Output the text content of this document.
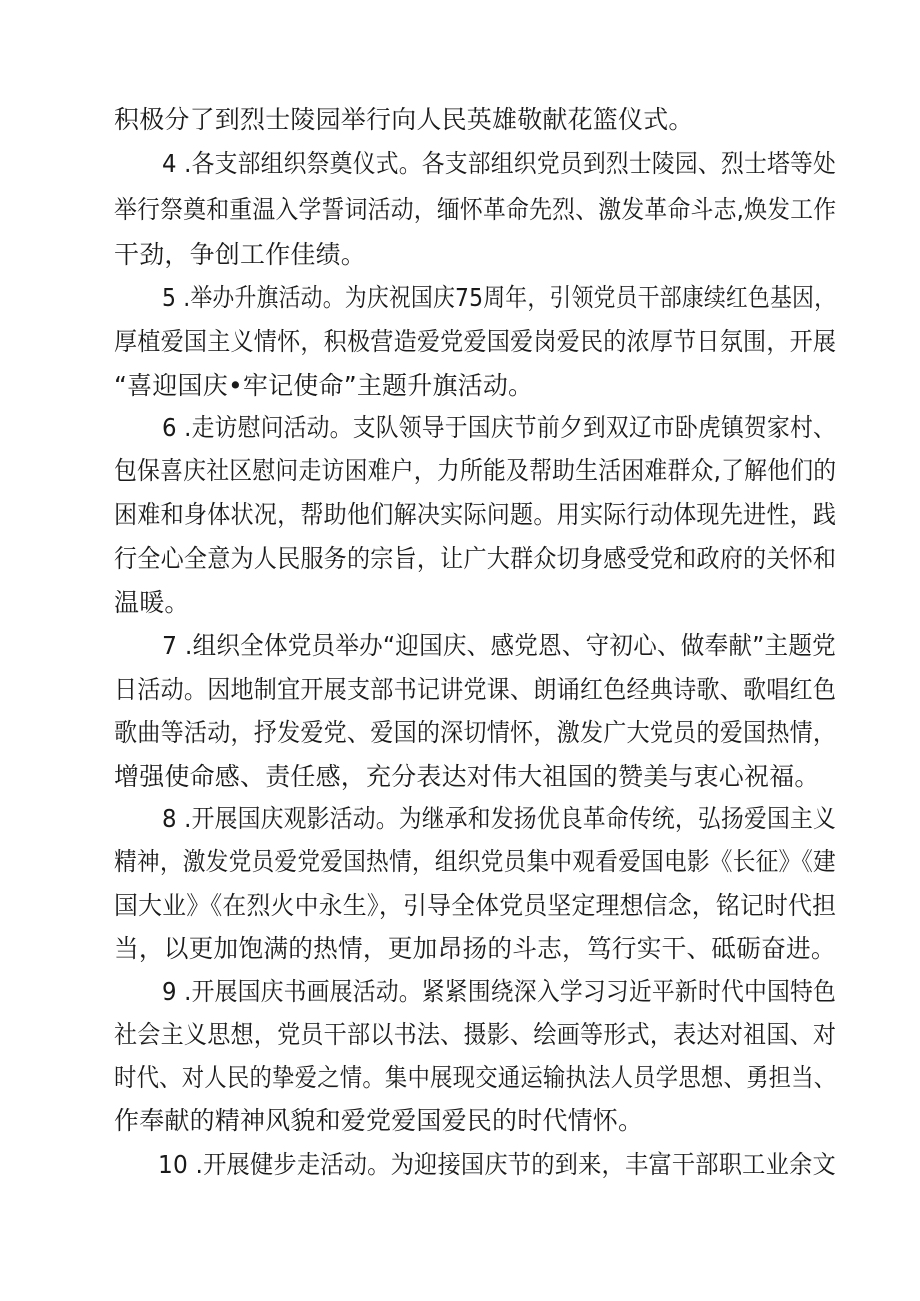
积极分了到烈士陵园举行向人民英雄敬献花篮仪式。
4 .各支部组织祭奠仪式。各支部组织党员到烈士陵园、烈士塔等处
举行祭奠和重温入学誓词活动，缅怀革命先烈、激发革命斗志,焕发工作
干劲，争创工作佳绩。
5 .举办升旗活动。为庆祝国庆75周年，引领党员干部康续红色基因，
厚植爱国主义情怀，积极营造爱党爱国爱岗爱民的浓厚节日氛围，开展
“喜迎国庆•牢记使命”主题升旗活动。
6 .走访慰问活动。支队领导于国庆节前夕到双辽市卧虎镇贺家村、
包保喜庆社区慰问走访困难户，力所能及帮助生活困难群众,了解他们的
困难和身体状况，帮助他们解决实际问题。用实际行动体现先进性，践
行全心全意为人民服务的宗旨，让广大群众切身感受党和政府的关怀和
温暖。
7 .组织全体党员举办“迎国庆、感党恩、守初心、做奉献”主题党
日活动。因地制宜开展支部书记讲党课、朗诵红色经典诗歌、歌唱红色
歌曲等活动，抒发爱党、爱国的深切情怀，激发广大党员的爱国热情，
增强使命感、责任感，充分表达对伟大祖国的赞美与衷心祝福。
8 .开展国庆观影活动。为继承和发扬优良革命传统，弘扬爱国主义
精神，激发党员爱党爱国热情，组织党员集中观看爱国电影《长征》《建
国大业》《在烈火中永生》，引导全体党员坚定理想信念，铭记时代担
当，以更加饱满的热情，更加昂扬的斗志，笃行实干、砥砺奋进。
9 .开展国庆书画展活动。紧紧围绕深入学习习近平新时代中国特色
社会主义思想，党员干部以书法、摄影、绘画等形式，表达对祖国、对
时代、对人民的挚爱之情。集中展现交通运输执法人员学思想、勇担当、
作奉献的精神风貌和爱党爱国爱民的时代情怀。
10 .开展健步走活动。为迎接国庆节的到来，丰富干部职工业余文
